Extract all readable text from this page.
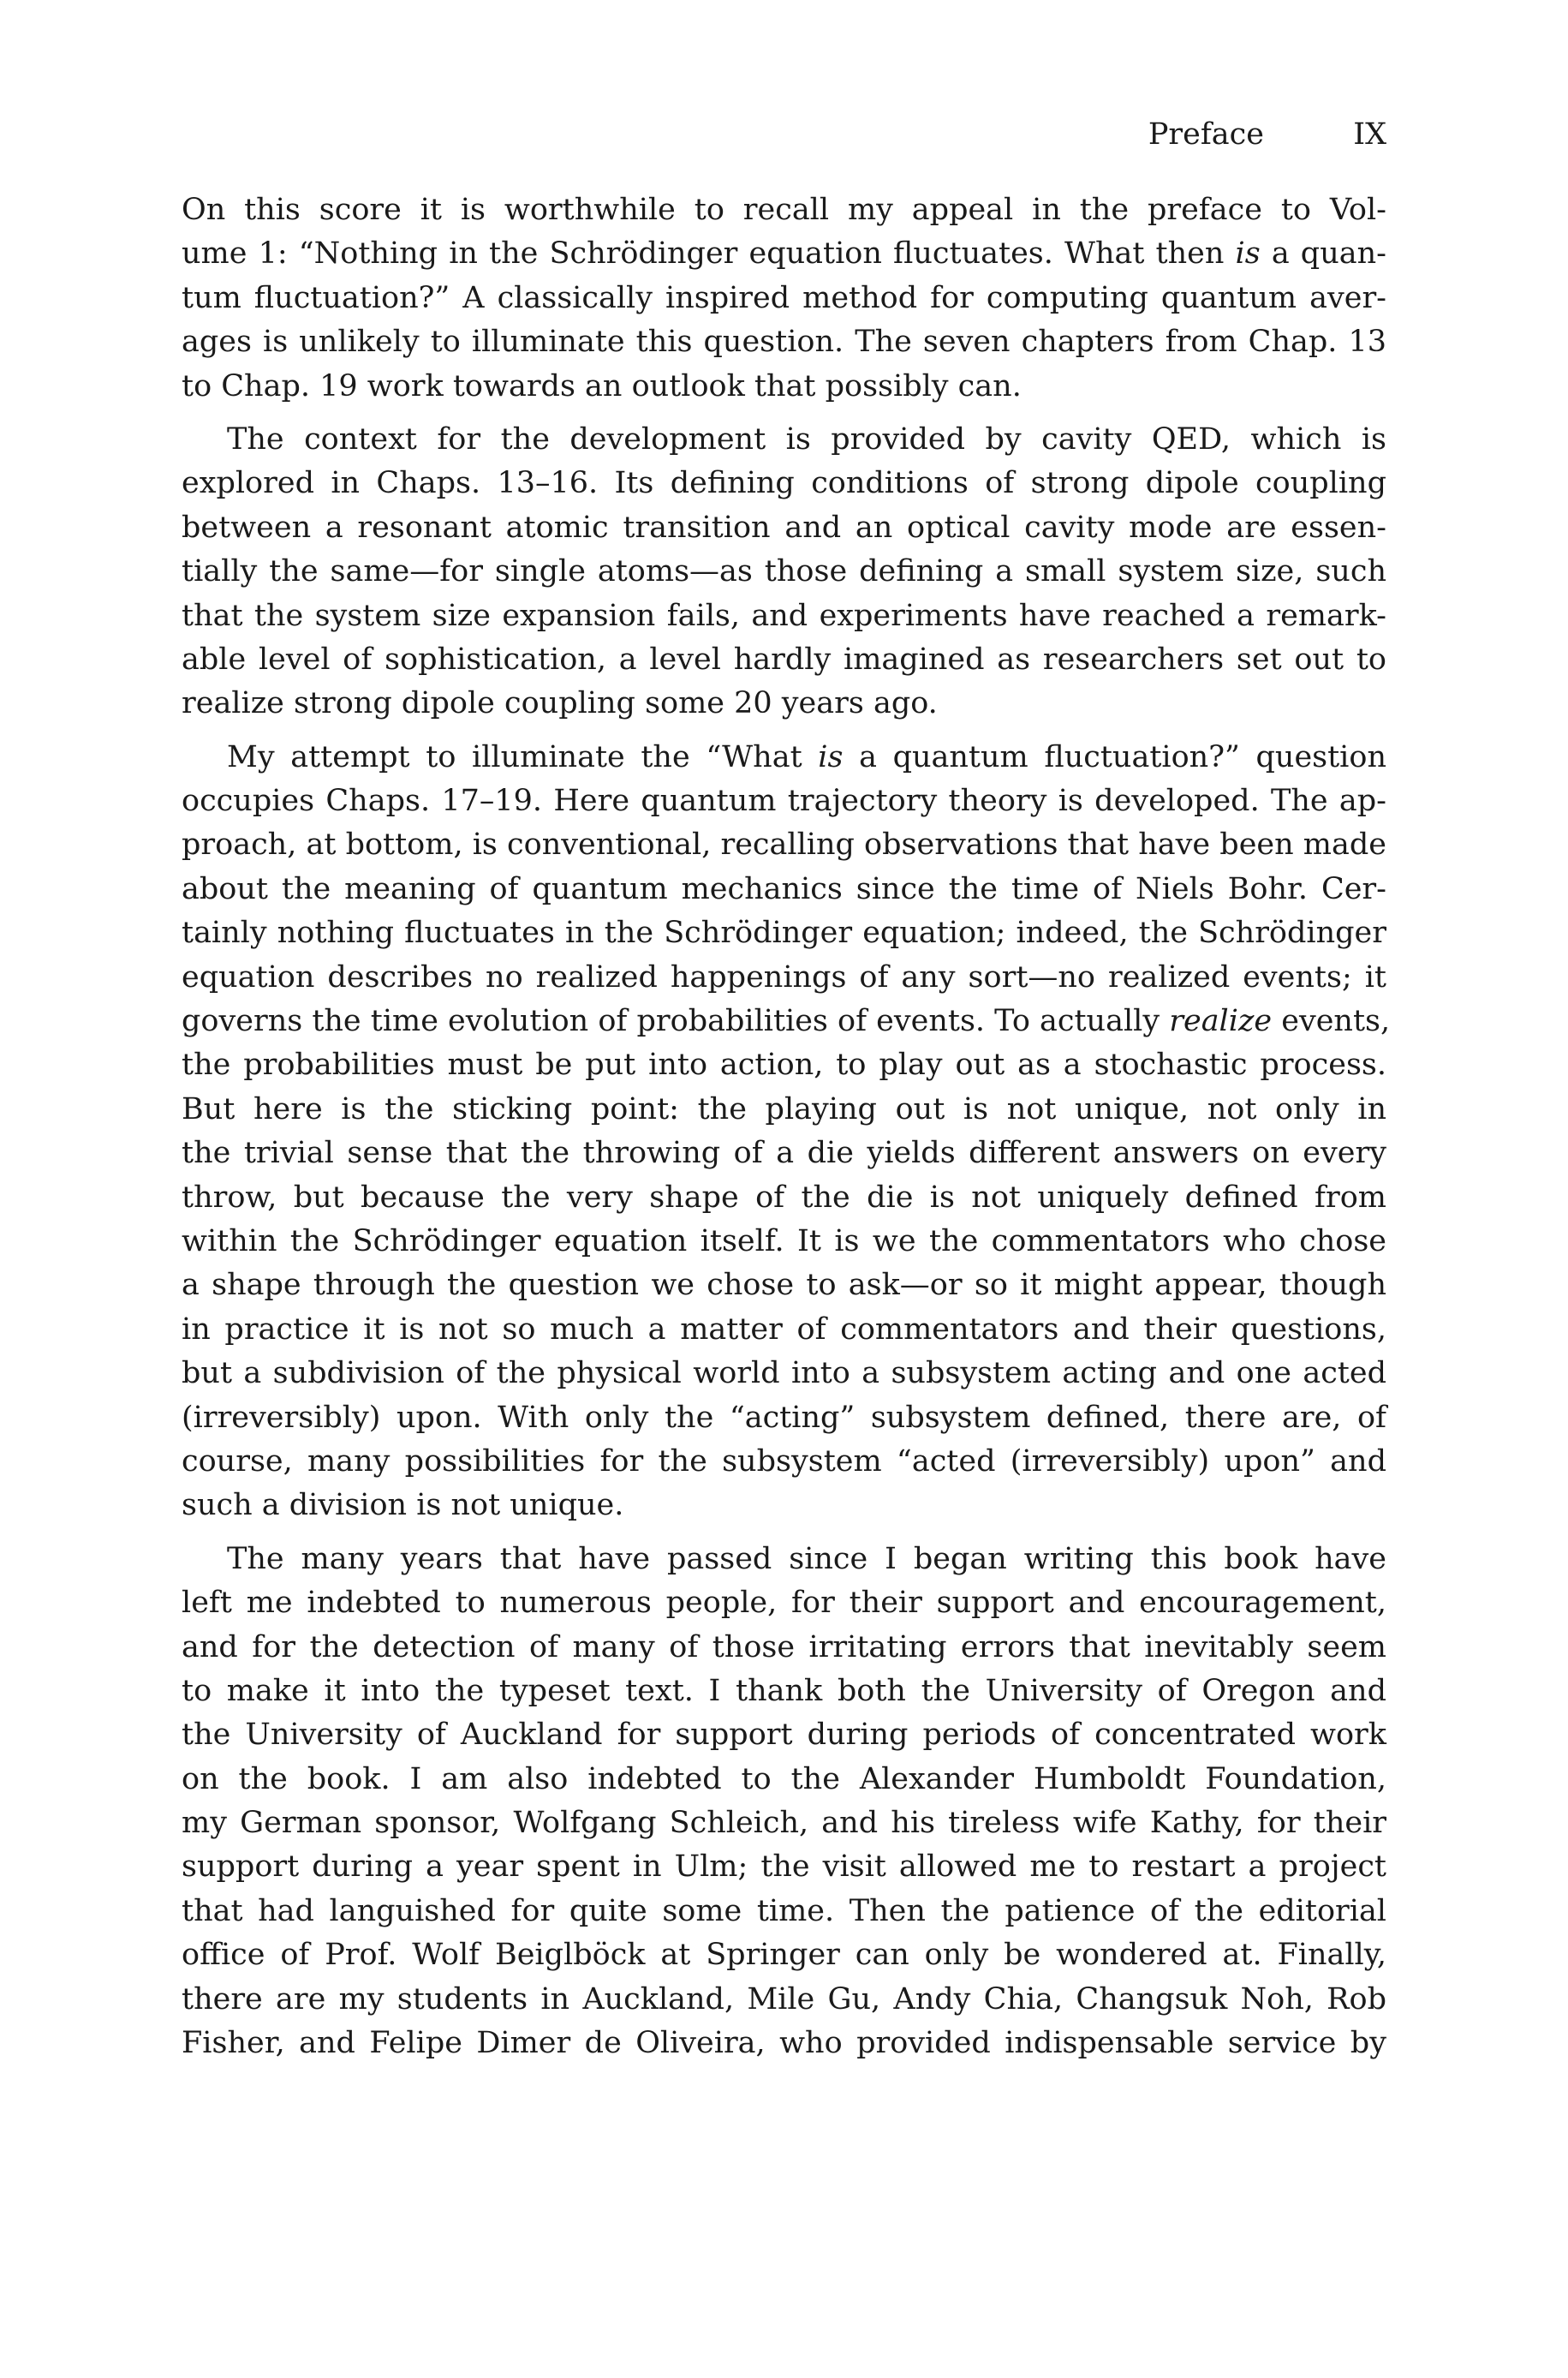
Preface	IX

On this score it is worthwhile to recall my appeal in the preface to Vol-
ume 1: “Nothing in the Schrödinger equation fluctuates. What then is a quan-
tum fluctuation?” A classically inspired method for computing quantum aver-
ages is unlikely to illuminate this question. The seven chapters from Chap. 13
to Chap. 19 work towards an outlook that possibly can.

The context for the development is provided by cavity QED, which is
explored in Chaps. 13–16. Its defining conditions of strong dipole coupling
between a resonant atomic transition and an optical cavity mode are essen-
tially the same—for single atoms—as those defining a small system size, such
that the system size expansion fails, and experiments have reached a remark-
able level of sophistication, a level hardly imagined as researchers set out to
realize strong dipole coupling some 20 years ago.

My attempt to illuminate the “What is a quantum fluctuation?” question
occupies Chaps. 17–19. Here quantum trajectory theory is developed. The ap-
proach, at bottom, is conventional, recalling observations that have been made
about the meaning of quantum mechanics since the time of Niels Bohr. Cer-
tainly nothing fluctuates in the Schrödinger equation; indeed, the Schrödinger
equation describes no realized happenings of any sort—no realized events; it
governs the time evolution of probabilities of events. To actually realize events,
the probabilities must be put into action, to play out as a stochastic process.
But here is the sticking point: the playing out is not unique, not only in
the trivial sense that the throwing of a die yields different answers on every
throw, but because the very shape of the die is not uniquely defined from
within the Schrödinger equation itself. It is we the commentators who chose
a shape through the question we chose to ask—or so it might appear, though
in practice it is not so much a matter of commentators and their questions,
but a subdivision of the physical world into a subsystem acting and one acted
(irreversibly) upon. With only the “acting” subsystem defined, there are, of
course, many possibilities for the subsystem “acted (irreversibly) upon” and
such a division is not unique.

The many years that have passed since I began writing this book have
left me indebted to numerous people, for their support and encouragement,
and for the detection of many of those irritating errors that inevitably seem
to make it into the typeset text. I thank both the University of Oregon and
the University of Auckland for support during periods of concentrated work
on the book. I am also indebted to the Alexander Humboldt Foundation,
my German sponsor, Wolfgang Schleich, and his tireless wife Kathy, for their
support during a year spent in Ulm; the visit allowed me to restart a project
that had languished for quite some time. Then the patience of the editorial
office of Prof. Wolf Beiglböck at Springer can only be wondered at. Finally,
there are my students in Auckland, Mile Gu, Andy Chia, Changsuk Noh, Rob
Fisher, and Felipe Dimer de Oliveira, who provided indispensable service by
